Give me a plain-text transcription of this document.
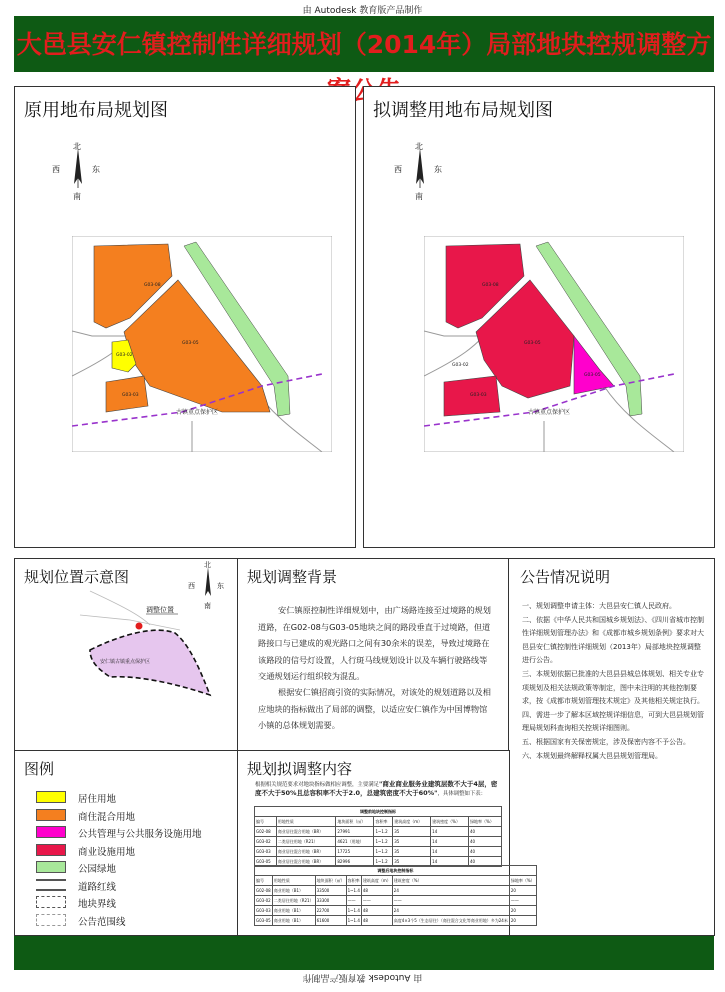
由 Autodesk 教育版产品制作
由 Autodesk 教育版产品制作
大邑县安仁镇控制性详细规划（2014年）局部地块控规调整方
原用地布局规划图	拟调整用地布局规划图
北
南
西	东
北
南
西	东
G03-08
G03-05
G03-02
G03-03
古镇重点保护区
G03-08
G03-05
G03-05
G03-02
G03-03
古镇重点保护区
规划位置示意图
北
南
西	东
调整位置
安仁镇古镇重点保护区
规划调整背景
安仁镇原控制性详细规划中，由广场路连接至过境路的规划道路，在G02-08与G03-05地块之间的路段垂直于过境路，但道路接口与已建成的观光路口之间有30余米的误差，导致过境路在该路段的信号灯设置，人行斑马线规划设计以及车辆行驶路线等交通规划运行组织较为混乱。
根据安仁镇招商引资的实际情况，对该处的规划道路以及相应地块的指标做出了局部的调整，以适应安仁镇作为中国博物馆小镇的总体规划需要。
公告情况说明
一、规划调整申请主体：大邑县安仁镇人民政府。
二、依据《中华人民共和国城乡规划法》、《四川省城市控制性详细规划管理办法》和《成都市城乡规划条例》要求对大邑县安仁镇控制性详细规划（2013年）局部地块控规调整进行公告。
三、本规划依据已批准的大邑县县城总体规划、相关专业专项规划及相关法规政策等制定，图中未注明的其他控制要求，按《成都市规划管理技术规定》及其他相关规定执行。
四、需进一步了解本区域控规详细信息，可到大邑县规划管理局规划科查询相关控规详细图则。
五、根据国家有关保密规定，涉及保密内容不予公告。
六、本规划最终解释权属大邑县规划管理局。
图例
居住用地
商住混合用地
公共管理与公共服务设施用地
商业设施用地
公园绿地
道路红线
地块界线
公告范围线
规划拟调整内容
根据相关规范要求对地块指标做相应调整，主要满足"商业商业服务业建筑层数不大于4层，密度不大于50%且总容积率不大于2.0，总建筑密度不大于60%"，具体调整如下表：
调整前地块控制指标						
编号	用地性质	地块面积（㎡）	容积率	建筑高度（m）	建筑密度（%）	绿地率（%）
G02-08	商业居住混合用地（BR）	27991	1~1.2	35	14	40
G03-02	二类居住用地（R21）	4621（用地）	1~1.2	35	14	40
G03-03	商业居住混合用地（BR）	17725	1~1.2	35	14	40
G03-05	商业居住混合用地（BR）	82996	1~1.2	35	14	40
调整后地块控制指标						
编号	用地性质	地块面积（㎡）	容积率	建筑高度（m）	建筑密度（%）	绿地率（%）
G02-08	商业用地（B1）	33500	1~1.4	48	24	20
G03-02	二类居住用地（R21）	33300	——	——	——	——
G03-03	商业用地（B1）	22700	1~1.4	48	24	20
G03-05	商业用地（B1）	61600	1~1.4	48	高度4×3个5（生态居住）（商住混合文化等商业用地）多为24米	20
